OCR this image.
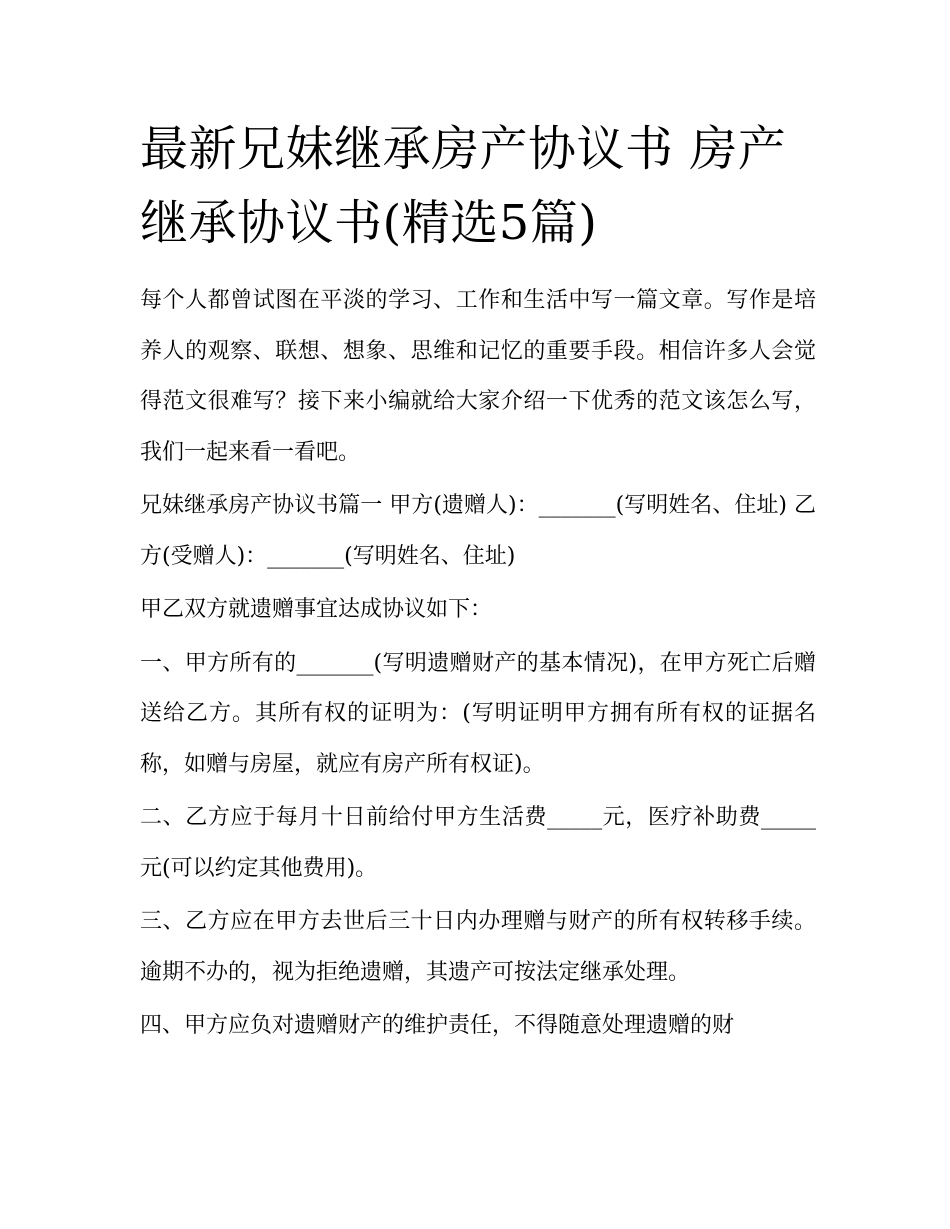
最新兄妹继承房产协议书 房产继承协议书(精选5篇)

每个人都曾试图在平淡的学习、工作和生活中写一篇文章。写作是培养人的观察、联想、想象、思维和记忆的重要手段。相信许多人会觉得范文很难写？接下来小编就给大家介绍一下优秀的范文该怎么写，我们一起来看一看吧。

兄妹继承房产协议书篇一 甲方(遗赠人)：_______(写明姓名、住址) 乙方(受赠人)：_______(写明姓名、住址)

甲乙双方就遗赠事宜达成协议如下：

一、甲方所有的_______(写明遗赠财产的基本情况)，在甲方死亡后赠送给乙方。其所有权的证明为：(写明证明甲方拥有所有权的证据名称，如赠与房屋，就应有房产所有权证)。

二、乙方应于每月十日前给付甲方生活费_____元，医疗补助费_____元(可以约定其他费用)。

三、乙方应在甲方去世后三十日内办理赠与财产的所有权转移手续。逾期不办的，视为拒绝遗赠，其遗产可按法定继承处理。

四、甲方应负对遗赠财产的维护责任，不得随意处理遗赠的财
